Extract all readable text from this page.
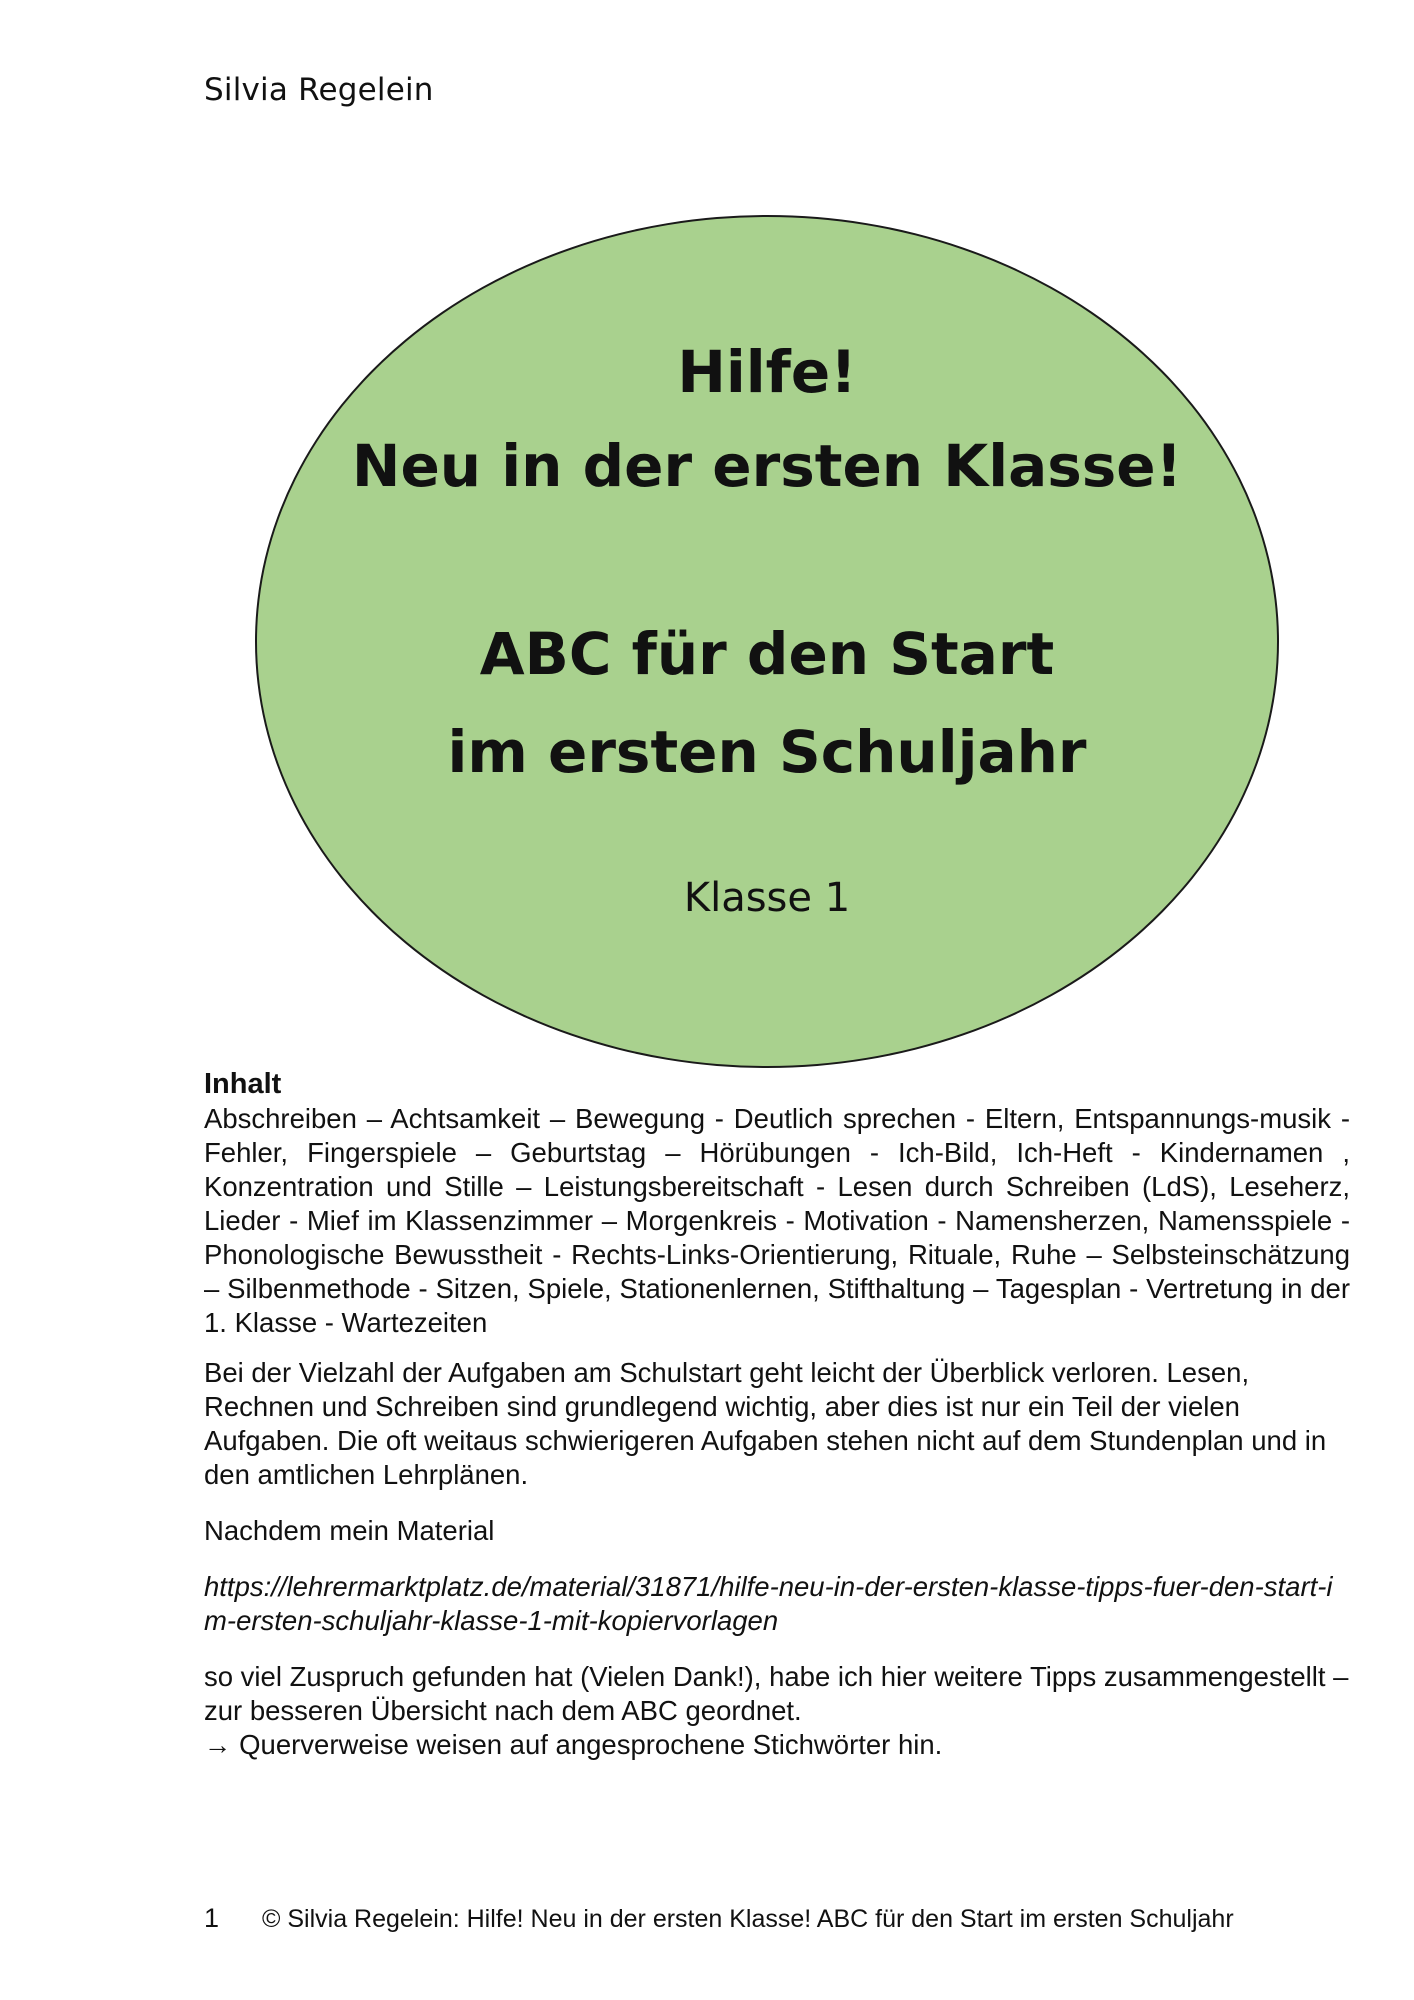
Silvia Regelein
Hilfe!
Neu in der ersten Klasse!
ABC für den Start
im ersten Schuljahr
Klasse 1
Inhalt
Abschreiben – Achtsamkeit – Bewegung - Deutlich sprechen - Eltern, Entspannungs-musik - Fehler, Fingerspiele – Geburtstag – Hörübungen - Ich-Bild, Ich-Heft - Kindernamen , Konzentration und Stille – Leistungsbereitschaft - Lesen durch Schreiben (LdS), Leseherz, Lieder - Mief im Klassenzimmer – Morgenkreis - Motivation - Namensherzen, Namensspiele - Phonologische Bewusstheit - Rechts-Links-Orientierung, Rituale, Ruhe – Selbsteinschätzung – Silbenmethode - Sitzen, Spiele, Stationenlernen, Stifthaltung – Tagesplan - Vertretung in der 1. Klasse - Wartezeiten
Bei der Vielzahl der Aufgaben am Schulstart geht leicht der Überblick verloren. Lesen, Rechnen und Schreiben sind grundlegend wichtig, aber dies ist nur ein Teil der vielen Aufgaben. Die oft weitaus schwierigeren Aufgaben stehen nicht auf dem Stundenplan und in den amtlichen Lehrplänen.
Nachdem mein Material
https://lehrermarktplatz.de/material/31871/hilfe-neu-in-der-ersten-klasse-tipps-fuer-den-start-im-ersten-schuljahr-klasse-1-mit-kopiervorlagen
so viel Zuspruch gefunden hat (Vielen Dank!), habe ich hier weitere Tipps zusammengestellt – zur besseren Übersicht nach dem ABC geordnet.
→ Querverweise weisen auf angesprochene Stichwörter hin.
1 © Silvia Regelein: Hilfe! Neu in der ersten Klasse! ABC für den Start im ersten Schuljahr
